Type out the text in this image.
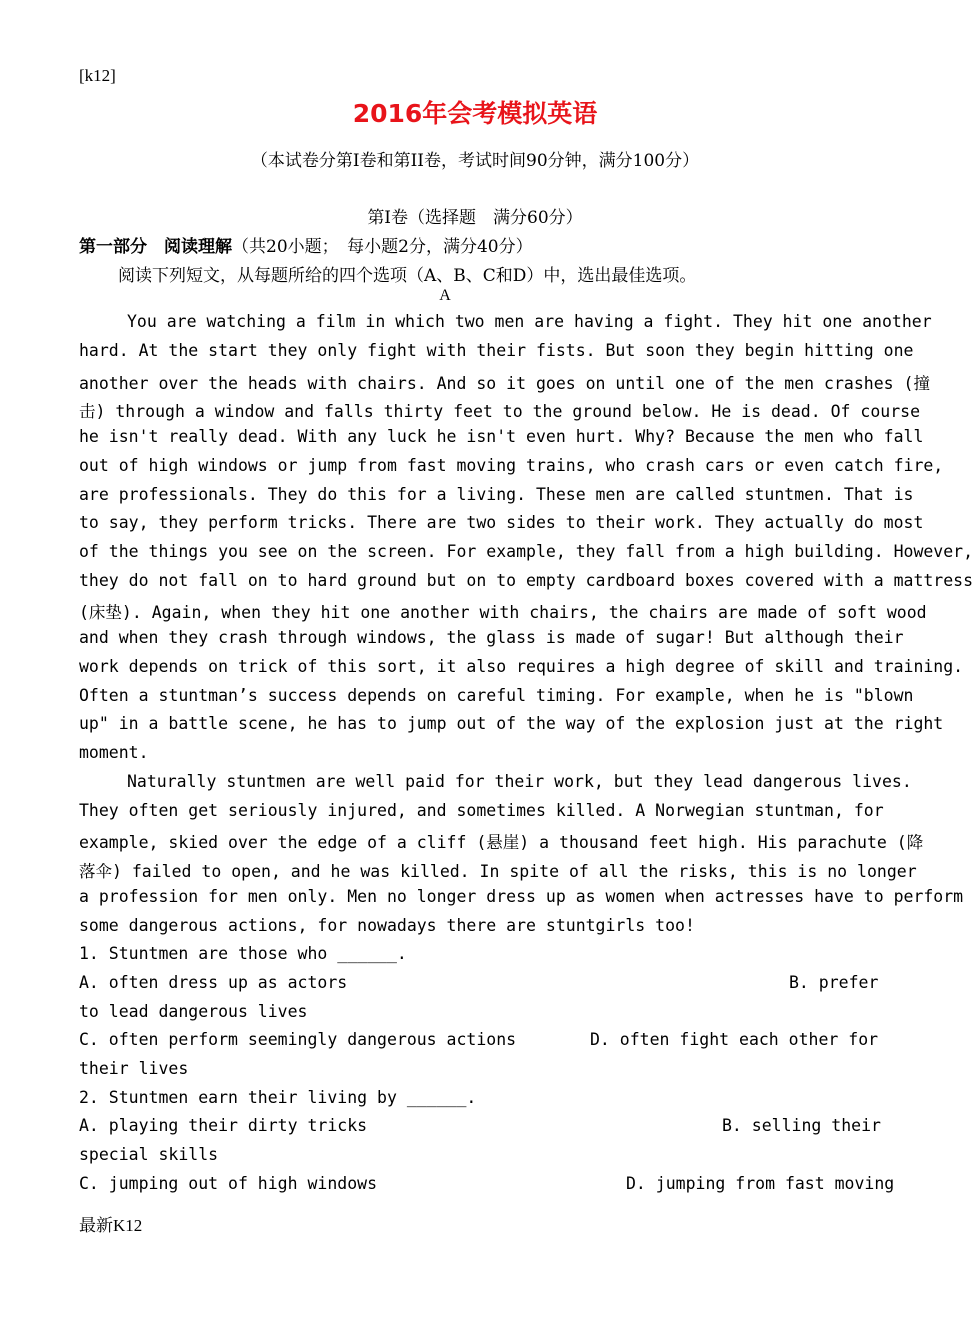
[k12]
2016年会考模拟英语
（本试卷分第Ⅰ卷和第II卷，考试时间90分钟，满分100分）
第Ⅰ卷（选择题　满分60分）
第一部分　阅读理解（共20小题；　每小题2分，满分40分）
阅读下列短文，从每题所给的四个选项（A、B、C和D）中，选出最佳选项。
A
You are watching a film in which two men are having a fight. They hit one another
hard. At the start they only fight with their fists. But soon they begin hitting one
another over the heads with chairs. And so it goes on until one of the men crashes (撞
击) through a window and falls thirty feet to the ground below. He is dead. Of course
he isn't really dead. With any luck he isn't even hurt. Why? Because the men who fall
out of high windows or jump from fast moving trains, who crash cars or even catch fire,
are professionals. They do this for a living. These men are called stuntmen. That is
to say, they perform tricks. There are two sides to their work. They actually do most
of the things you see on the screen. For example, they fall from a high building. However,
they do not fall on to hard ground but on to empty cardboard boxes covered with a mattress
(床垫). Again, when they hit one another with chairs, the chairs are made of soft wood
and when they crash through windows, the glass is made of sugar! But although their
work depends on trick of this sort, it also requires a high degree of skill and training.
Often a stuntman’s success depends on careful timing. For example, when he is "blown
up" in a battle scene, he has to jump out of the way of the explosion just at the right
moment.
Naturally stuntmen are well paid for their work, but they lead dangerous lives.
They often get seriously injured, and sometimes killed. A Norwegian stuntman, for
example, skied over the edge of a cliff (悬崖) a thousand feet high. His parachute (降
落伞) failed to open, and he was killed. In spite of all the risks, this is no longer
a profession for men only. Men no longer dress up as women when actresses have to perform
some dangerous actions, for nowadays there are stuntgirls too!
1. Stuntmen are those who ______.
A. often dress up as actors	B. prefer
to lead dangerous lives
C. often perform seemingly dangerous actions	D. often fight each other for
their lives
2. Stuntmen earn their living by ______.
A. playing their dirty tricks	B. selling their
special skills
C. jumping out of high windows	D. jumping from fast moving
最新K12
